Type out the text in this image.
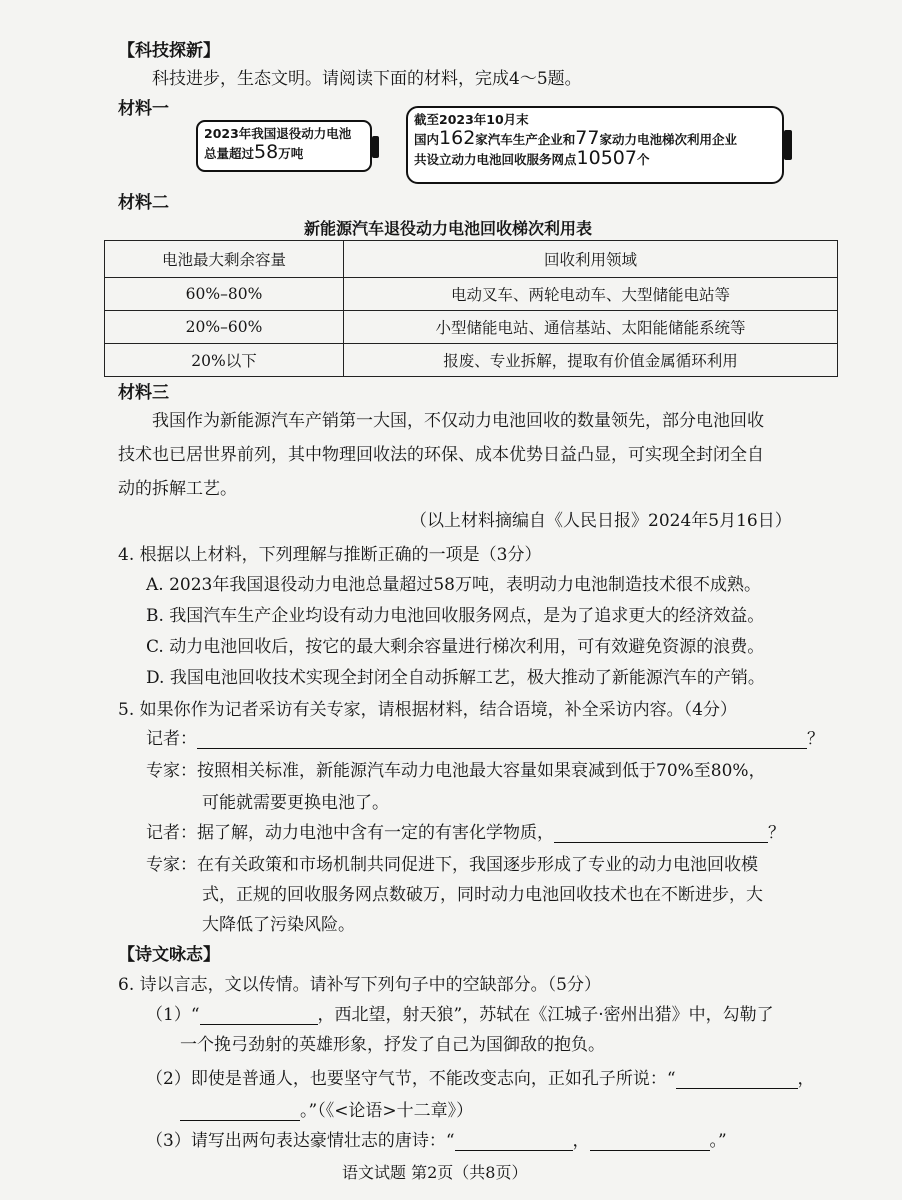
【科技探新】
科技进步，生态文明。请阅读下面的材料，完成4～5题。
材料一
2023年我国退役动力电池
总量超过58万吨
截至2023年10月末
国内162家汽车生产企业和77家动力电池梯次利用企业
共设立动力电池回收服务网点10507个
材料二
新能源汽车退役动力电池回收梯次利用表
电池最大剩余容量	回收利用领域
60%–80%	电动叉车、两轮电动车、大型储能电站等
20%–60%	小型储能电站、通信基站、太阳能储能系统等
20%以下	报废、专业拆解，提取有价值金属循环利用
材料三
我国作为新能源汽车产销第一大国，不仅动力电池回收的数量领先，部分电池回收
技术也已居世界前列，其中物理回收法的环保、成本优势日益凸显，可实现全封闭全自
动的拆解工艺。
（以上材料摘编自《人民日报》2024年5月16日）
4. 根据以上材料，下列理解与推断正确的一项是（3分）
A. 2023年我国退役动力电池总量超过58万吨，表明动力电池制造技术很不成熟。
B. 我国汽车生产企业均设有动力电池回收服务网点，是为了追求更大的经济效益。
C. 动力电池回收后，按它的最大剩余容量进行梯次利用，可有效避免资源的浪费。
D. 我国电池回收技术实现全封闭全自动拆解工艺，极大推动了新能源汽车的产销。
5. 如果你作为记者采访有关专家，请根据材料，结合语境，补全采访内容。（4分）
记者：	？
专家：按照相关标准，新能源汽车动力电池最大容量如果衰减到低于70%至80%，
可能就需要更换电池了。
记者：据了解，动力电池中含有一定的有害化学物质，	？
专家：在有关政策和市场机制共同促进下，我国逐步形成了专业的动力电池回收模
式，正规的回收服务网点数破万，同时动力电池回收技术也在不断进步，大
大降低了污染风险。
【诗文咏志】
6. 诗以言志，文以传情。请补写下列句子中的空缺部分。（5分）
（1）“	，西北望，射天狼”，苏轼在《江城子·密州出猎》中，勾勒了
一个挽弓劲射的英雄形象，抒发了自己为国御敌的抱负。
（2）即使是普通人，也要坚守气节，不能改变志向，正如孔子所说：“	，
。”（《<论语>十二章》）
（3）请写出两句表达豪情壮志的唐诗：“	，	。”
语文试题 第2页（共8页）
